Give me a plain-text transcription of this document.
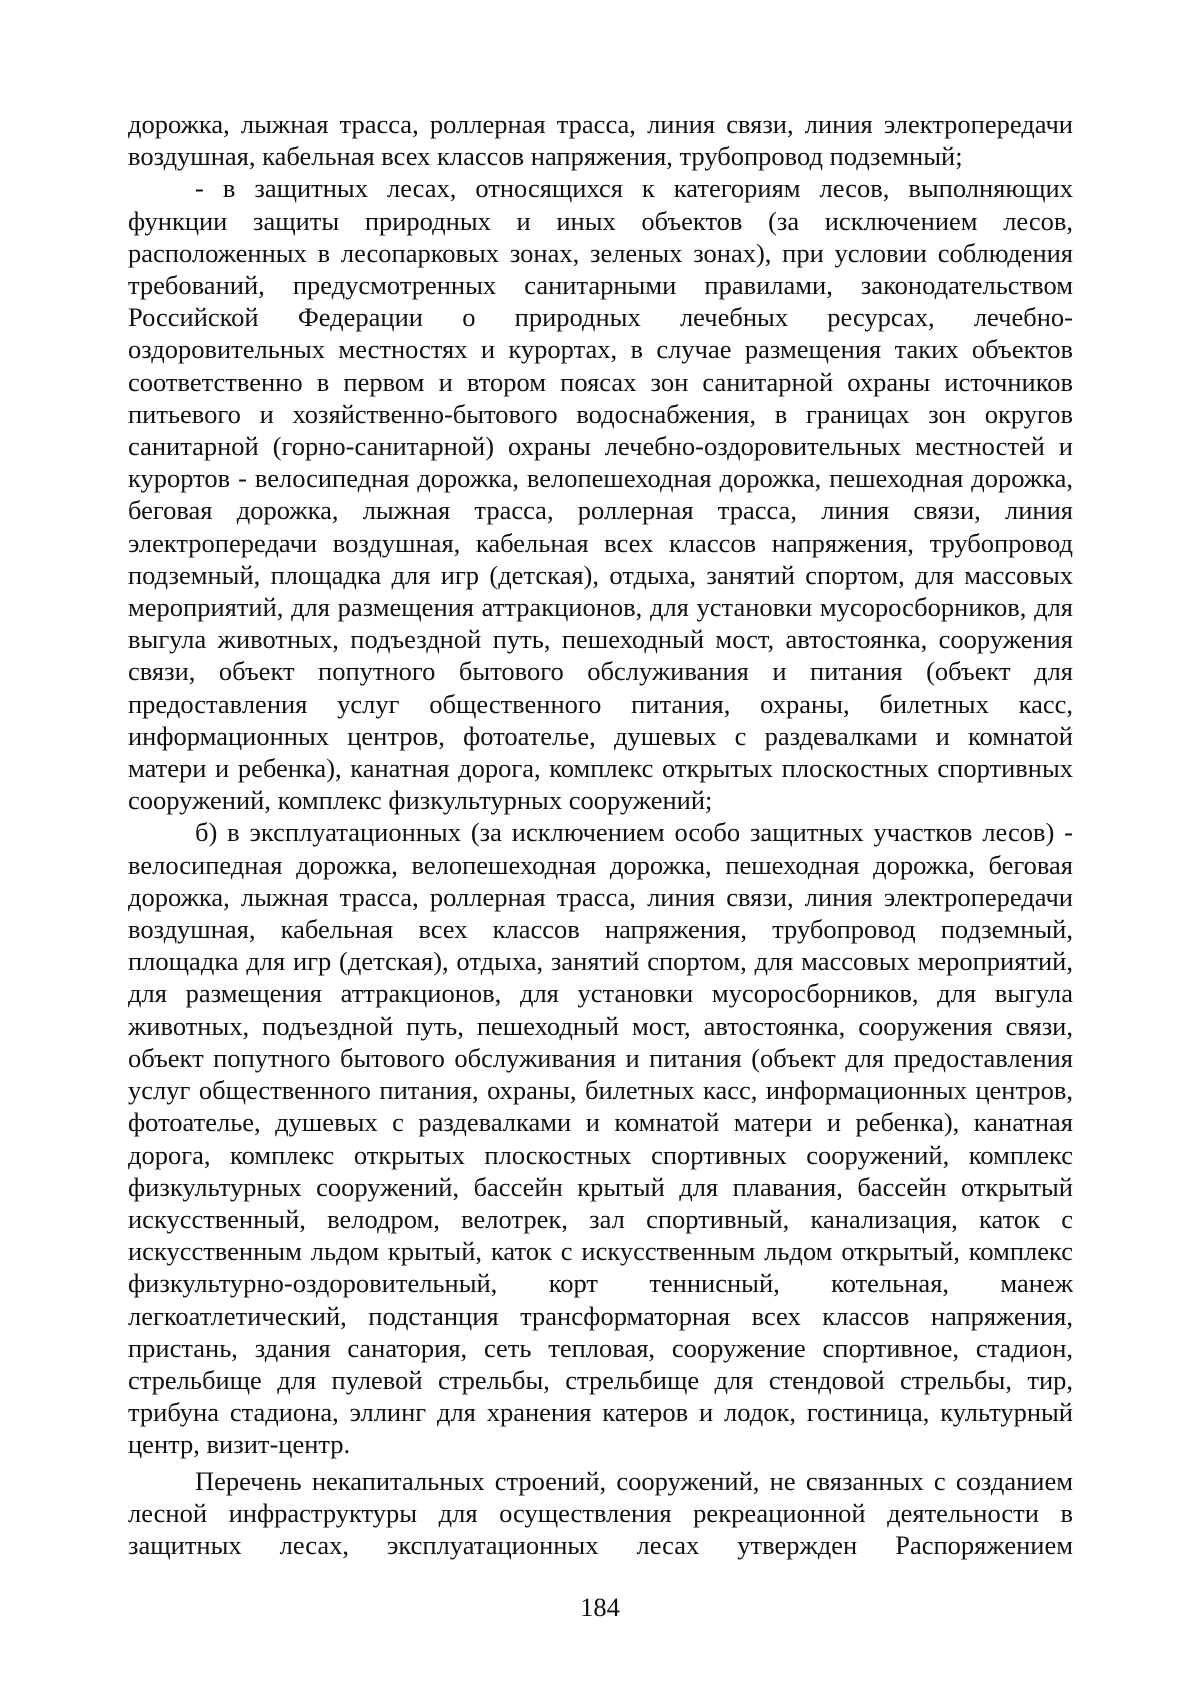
дорожка, лыжная трасса, роллерная трасса, линия связи, линия электропередачи воздушная, кабельная всех классов напряжения, трубопровод подземный;

- в защитных лесах, относящихся к категориям лесов, выполняющих функции защиты природных и иных объектов (за исключением лесов, расположенных в лесопарковых зонах, зеленых зонах), при условии соблюдения требований, предусмотренных санитарными правилами, законодательством Российской Федерации о природных лечебных ресурсах, лечебно-оздоровительных местностях и курортах, в случае размещения таких объектов соответственно в первом и втором поясах зон санитарной охраны источников питьевого и хозяйственно-бытового водоснабжения, в границах зон округов санитарной (горно-санитарной) охраны лечебно-оздоровительных местностей и курортов - велосипедная дорожка, велопешеходная дорожка, пешеходная дорожка, беговая дорожка, лыжная трасса, роллерная трасса, линия связи, линия электропередачи воздушная, кабельная всех классов напряжения, трубопровод подземный, площадка для игр (детская), отдыха, занятий спортом, для массовых мероприятий, для размещения аттракционов, для установки мусоросборников, для выгула животных, подъездной путь, пешеходный мост, автостоянка, сооружения связи, объект попутного бытового обслуживания и питания (объект для предоставления услуг общественного питания, охраны, билетных касс, информационных центров, фотоателье, душевых с раздевалками и комнатой матери и ребенка), канатная дорога, комплекс открытых плоскостных спортивных сооружений, комплекс физкультурных сооружений;

б) в эксплуатационных (за исключением особо защитных участков лесов) - велосипедная дорожка, велопешеходная дорожка, пешеходная дорожка, беговая дорожка, лыжная трасса, роллерная трасса, линия связи, линия электропередачи воздушная, кабельная всех классов напряжения, трубопровод подземный, площадка для игр (детская), отдыха, занятий спортом, для массовых мероприятий, для размещения аттракционов, для установки мусоросборников, для выгула животных, подъездной путь, пешеходный мост, автостоянка, сооружения связи, объект попутного бытового обслуживания и питания (объект для предоставления услуг общественного питания, охраны, билетных касс, информационных центров, фотоателье, душевых с раздевалками и комнатой матери и ребенка), канатная дорога, комплекс открытых плоскостных спортивных сооружений, комплекс физкультурных сооружений, бассейн крытый для плавания, бассейн открытый искусственный, велодром, велотрек, зал спортивный, канализация, каток с искусственным льдом крытый, каток с искусственным льдом открытый, комплекс физкультурно-оздоровительный, корт теннисный, котельная, манеж легкоатлетический, подстанция трансформаторная всех классов напряжения, пристань, здания санатория, сеть тепловая, сооружение спортивное, стадион, стрельбище для пулевой стрельбы, стрельбище для стендовой стрельбы, тир, трибуна стадиона, эллинг для хранения катеров и лодок, гостиница, культурный центр, визит-центр.

Перечень некапитальных строений, сооружений, не связанных с созданием лесной инфраструктуры для осуществления рекреационной деятельности в защитных лесах, эксплуатационных лесах утвержден Распоряжением

184
